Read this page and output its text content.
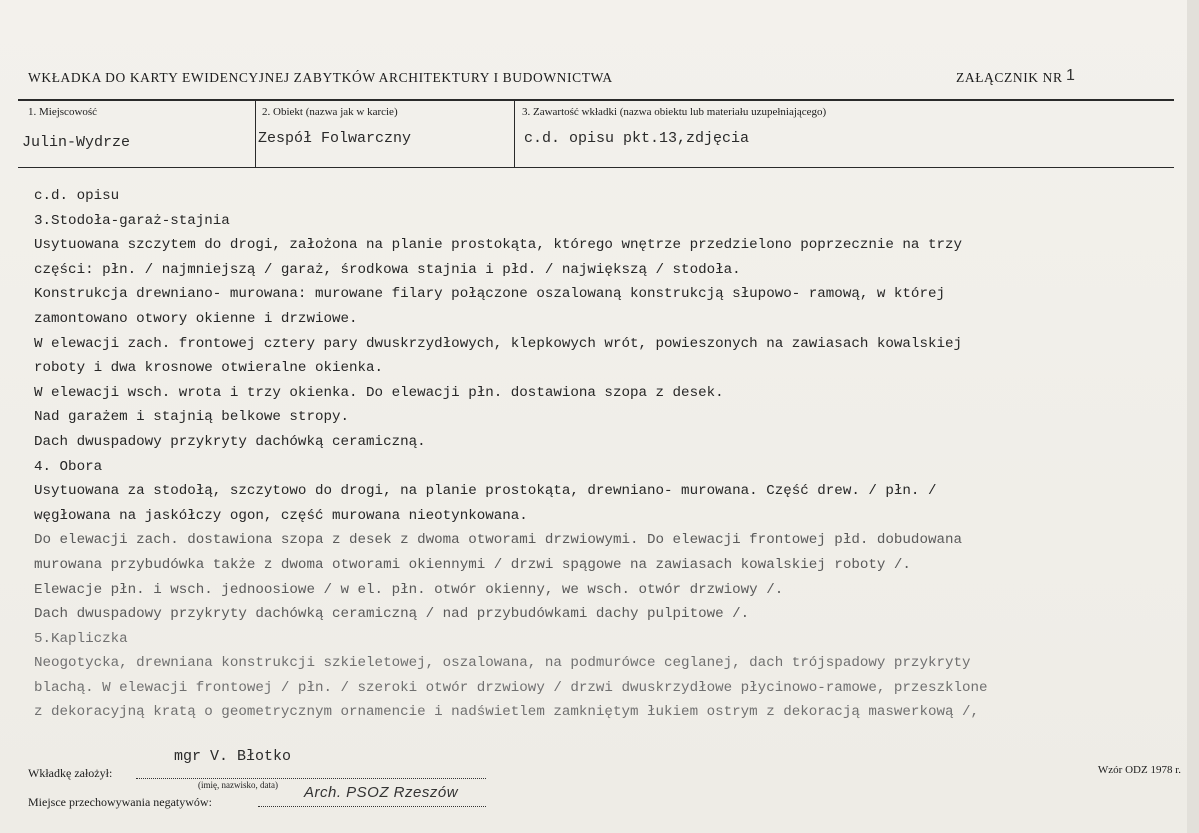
WKŁADKA DO KARTY EWIDENCYJNEJ ZABYTKÓW ARCHITEKTURY I BUDOWNICTWA	ZAŁĄCZNIK NR 1
1. Miejscowość
Julin-Wydrze
2. Obiekt (nazwa jak w karcie)
Zespół Folwarczny
3. Zawartość wkładki (nazwa obiektu lub materiału uzupełniającego)
c.d. opisu pkt.13,zdjęcia
c.d. opisu
3.Stodoła-garaż-stajnia
Usytuowana szczytem do drogi, założona na planie prostokąta, którego wnętrze przedzielono poprzecznie na trzy
części: płn. / najmniejszą / garaż, środkowa stajnia i płd. / największą / stodoła.
Konstrukcja drewniano- murowana: murowane filary połączone oszalowaną konstrukcją słupowo- ramową, w której
zamontowano otwory okienne i drzwiowe.
W elewacji zach. frontowej cztery pary dwuskrzydłowych, klepkowych wrót, powieszonych na zawiasach kowalskiej
roboty i dwa krosnowe otwieralne okienka.
W elewacji wsch. wrota i trzy okienka. Do elewacji płn. dostawiona szopa z desek.
Nad garażem i stajnią belkowe stropy.
Dach dwuspadowy przykryty dachówką ceramiczną.
4. Obora
Usytuowana za stodołą, szczytowo do drogi, na planie prostokąta, drewniano- murowana. Część drew. / płn. /
węgłowana na jaskółczy ogon, część murowana nieotynkowana.
Do elewacji zach. dostawiona szopa z desek z dwoma otworami drzwiowymi. Do elewacji frontowej płd. dobudowana
murowana przybudówka także z dwoma otworami okiennymi / drzwi spągowe na zawiasach kowalskiej roboty /.
Elewacje płn. i wsch. jednoosiowe / w el. płn. otwór okienny, we wsch. otwór drzwiowy /.
Dach dwuspadowy przykryty dachówką ceramiczną / nad przybudówkami dachy pulpitowe /.
5.Kapliczka
Neogotycka, drewniana konstrukcji szkieletowej, oszalowana, na podmurówce ceglanej, dach trójspadowy przykryty
blachą. W elewacji frontowej / płn. / szeroki otwór drzwiowy / drzwi dwuskrzydłowe płycinowo-ramowe, przeszklone
z dekoracyjną kratą o geometrycznym ornamencie i nadświetlem zamkniętym łukiem ostrym z dekoracją maswerkową /,
mgr V. Błotko
Wkładkę założył:
(imię, nazwisko, data)
Miejsce przechowywania negatywów:
Arch. PSOZ Rzeszów
Wzór ODZ 1978 r.
